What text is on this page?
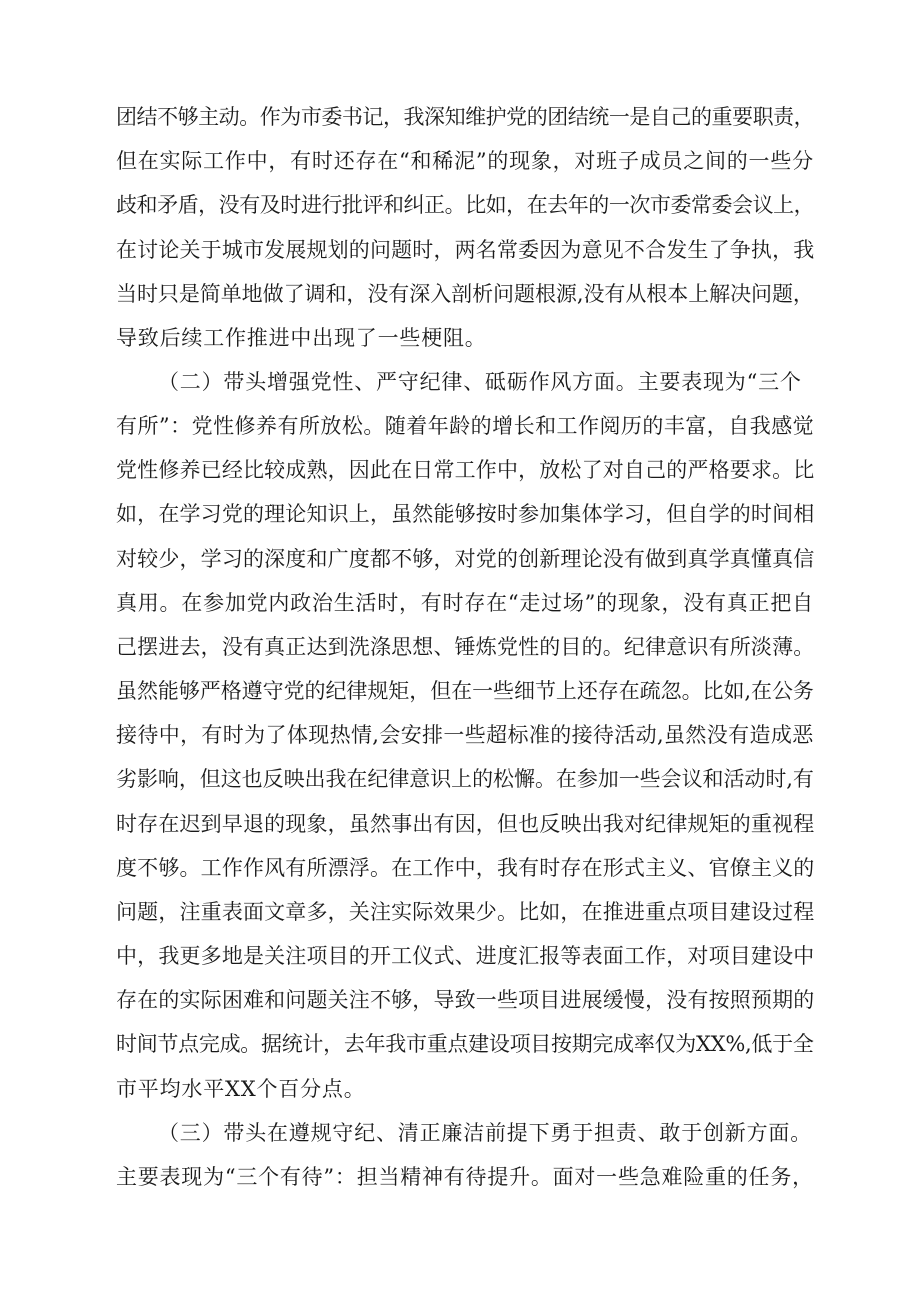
团结不够主动。作为市委书记，我深知维护党的团结统一是自己的重要职责，
但在实际工作中，有时还存在“和稀泥”的现象，对班子成员之间的一些分
歧和矛盾，没有及时进行批评和纠正。比如，在去年的一次市委常委会议上，
在讨论关于城市发展规划的问题时，两名常委因为意见不合发生了争执，我
当时只是简单地做了调和，没有深入剖析问题根源,没有从根本上解决问题，
导致后续工作推进中出现了一些梗阻。
（二）带头增强党性、严守纪律、砥砺作风方面。主要表现为“三个
有所”：党性修养有所放松。随着年龄的增长和工作阅历的丰富，自我感觉
党性修养已经比较成熟，因此在日常工作中，放松了对自己的严格要求。比
如，在学习党的理论知识上，虽然能够按时参加集体学习，但自学的时间相
对较少，学习的深度和广度都不够，对党的创新理论没有做到真学真懂真信
真用。在参加党内政治生活时，有时存在“走过场”的现象，没有真正把自
己摆进去，没有真正达到洗涤思想、锤炼党性的目的。纪律意识有所淡薄。
虽然能够严格遵守党的纪律规矩，但在一些细节上还存在疏忽。比如,在公务
接待中，有时为了体现热情,会安排一些超标准的接待活动,虽然没有造成恶
劣影响，但这也反映出我在纪律意识上的松懈。在参加一些会议和活动时,有
时存在迟到早退的现象，虽然事出有因，但也反映出我对纪律规矩的重视程
度不够。工作作风有所漂浮。在工作中，我有时存在形式主义、官僚主义的
问题，注重表面文章多，关注实际效果少。比如，在推进重点项目建设过程
中，我更多地是关注项目的开工仪式、进度汇报等表面工作，对项目建设中
存在的实际困难和问题关注不够，导致一些项目进展缓慢，没有按照预期的
时间节点完成。据统计，去年我市重点建设项目按期完成率仅为XX%,低于全
市平均水平XX个百分点。
（三）带头在遵规守纪、清正廉洁前提下勇于担责、敢于创新方面。
主要表现为“三个有待”：担当精神有待提升。面对一些急难险重的任务，
